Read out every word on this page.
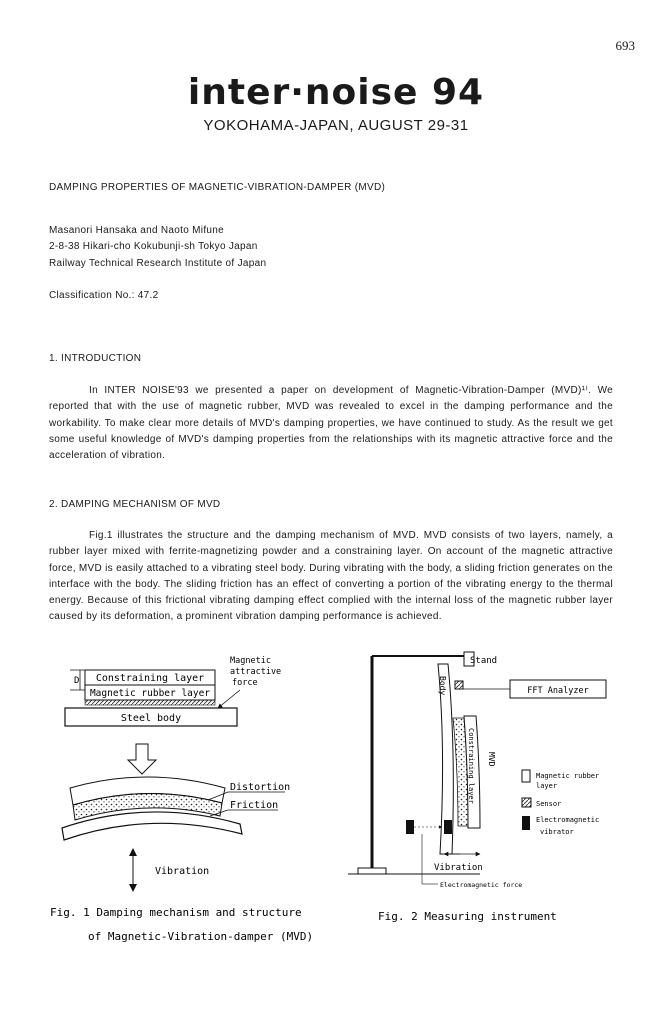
693
inter·noise 94
YOKOHAMA-JAPAN, AUGUST 29-31
DAMPING PROPERTIES OF MAGNETIC-VIBRATION-DAMPER (MVD)
Masanori Hansaka and Naoto Mifune
2-8-38 Hikari-cho Kokubunji-sh Tokyo Japan
Railway Technical Research Institute of Japan
Classification No.: 47.2
1. INTRODUCTION
In INTER NOISE'93 we presented a paper on development of Magnetic-Vibration-Damper (MVD)¹⁾. We reported that with the use of magnetic rubber, MVD was revealed to excel in the damping performance and the workability. To make clear more details of MVD's damping properties, we have continued to study. As the result we get some useful knowledge of MVD's damping properties from the relationships with its magnetic attractive force and the acceleration of vibration.
2. DAMPING MECHANISM OF MVD
Fig.1 illustrates the structure and the damping mechanism of MVD. MVD consists of two layers, namely, a rubber layer mixed with ferrite-magnetizing powder and a constraining layer. On account of the magnetic attractive force, MVD is easily attached to a vibrating steel body. During vibrating with the body, a sliding friction generates on the interface with the body. The sliding friction has an effect of converting a portion of the vibrating energy to the thermal energy. Because of this frictional vibrating damping effect complied with the internal loss of the magnetic rubber layer caused by its deformation, a prominent vibration damping performance is achieved.
D Constraining layer
Magnetic rubber layer
Steel body
Magnetic
attractive
force
Distortion
Friction
Vibration
Fig. 1 Damping mechanism and structure
of Magnetic-Vibration-damper (MVD)
Stand
Body	FFT Analyzer
Constraining layer MVD
Vibration
Electromagnetic force
Magnetic rubber
layer
Sensor
Electromagnetic
vibrator
Fig. 2 Measuring instrument
